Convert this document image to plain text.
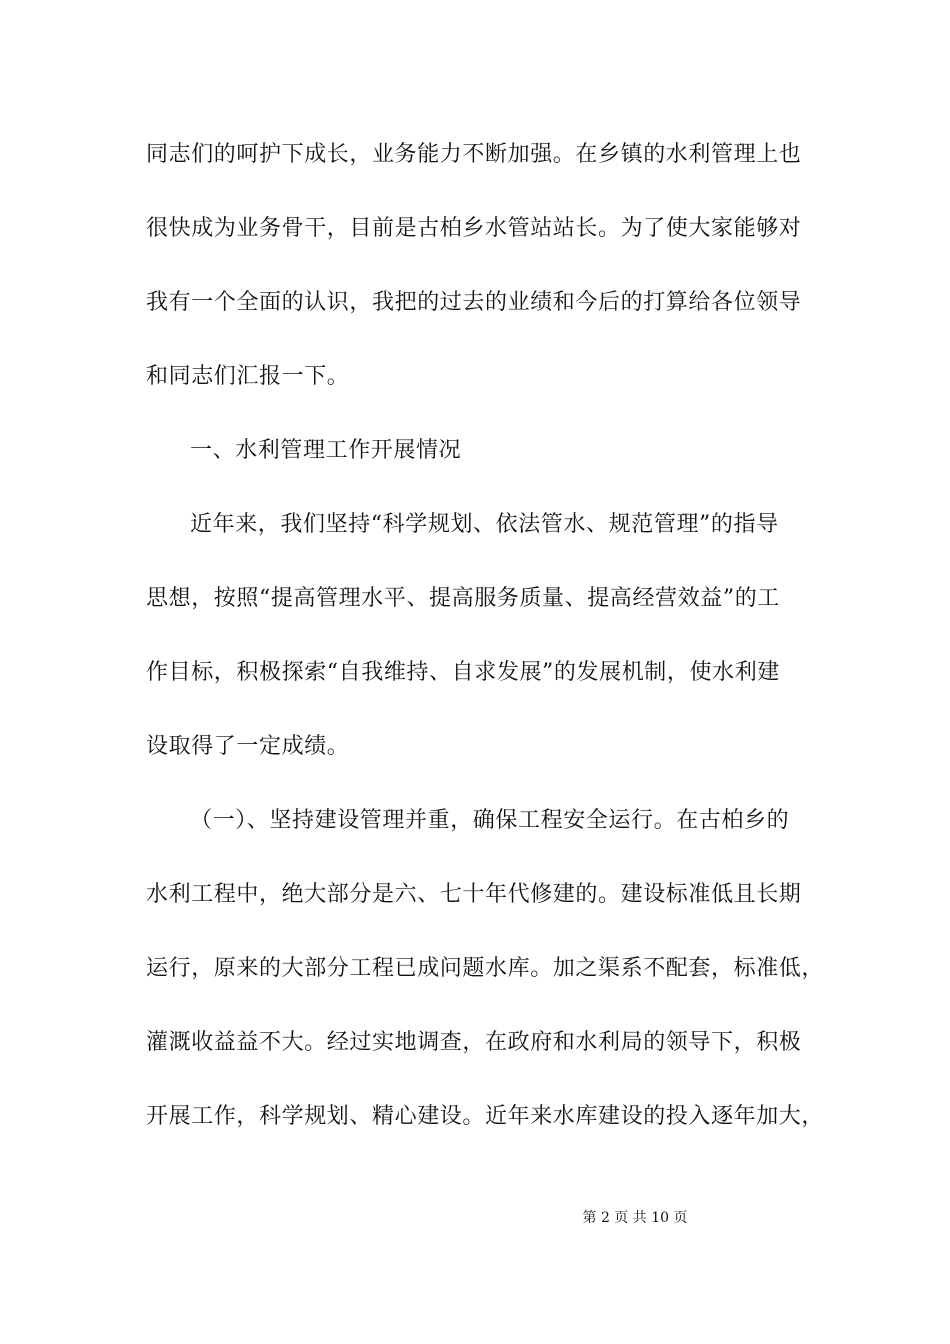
同志们的呵护下成长，业务能力不断加强。在乡镇的水利管理上也

很快成为业务骨干，目前是古柏乡水管站站长。为了使大家能够对

我有一个全面的认识，我把的过去的业绩和今后的打算给各位领导

和同志们汇报一下。

一、水利管理工作开展情况

近年来，我们坚持“科学规划、依法管水、规范管理”的指导

思想，按照“提高管理水平、提高服务质量、提高经营效益”的工

作目标，积极探索“自我维持、自求发展”的发展机制，使水利建

设取得了一定成绩。

（一）、坚持建设管理并重，确保工程安全运行。在古柏乡的

水利工程中，绝大部分是六、七十年代修建的。建设标准低且长期

运行，原来的大部分工程已成问题水库。加之渠系不配套，标准低，

灌溉收益益不大。经过实地调查，在政府和水利局的领导下，积极

开展工作，科学规划、精心建设。近年来水库建设的投入逐年加大，

第 2 页 共 10 页
